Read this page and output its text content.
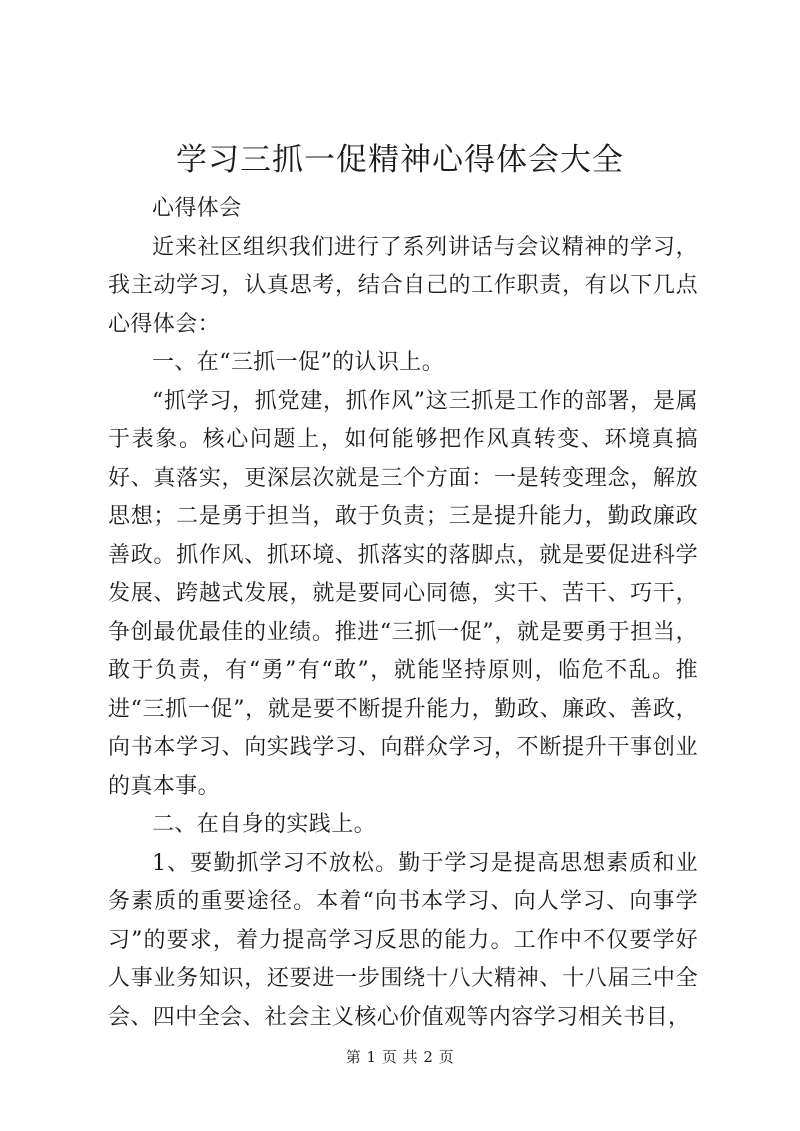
学习三抓一促精神心得体会大全

心得体会

近来社区组织我们进行了系列讲话与会议精神的学习，我主动学习，认真思考，结合自己的工作职责，有以下几点心得体会：

一、在“三抓一促”的认识上。

“抓学习，抓党建，抓作风”这三抓是工作的部署，是属于表象。核心问题上，如何能够把作风真转变、环境真搞好、真落实，更深层次就是三个方面：一是转变理念，解放思想；二是勇于担当，敢于负责；三是提升能力，勤政廉政善政。抓作风、抓环境、抓落实的落脚点，就是要促进科学发展、跨越式发展，就是要同心同德，实干、苦干、巧干，争创最优最佳的业绩。推进“三抓一促”，就是要勇于担当，敢于负责，有“勇”有“敢”，就能坚持原则，临危不乱。推进“三抓一促”，就是要不断提升能力，勤政、廉政、善政，向书本学习、向实践学习、向群众学习，不断提升干事创业的真本事。

二、在自身的实践上。

1、要勤抓学习不放松。勤于学习是提高思想素质和业务素质的重要途径。本着“向书本学习、向人学习、向事学习”的要求，着力提高学习反思的能力。工作中不仅要学好人事业务知识，还要进一步围绕十八大精神、十八届三中全会、四中全会、社会主义核心价值观等内容学习相关书目，

第 1 页 共 2 页
